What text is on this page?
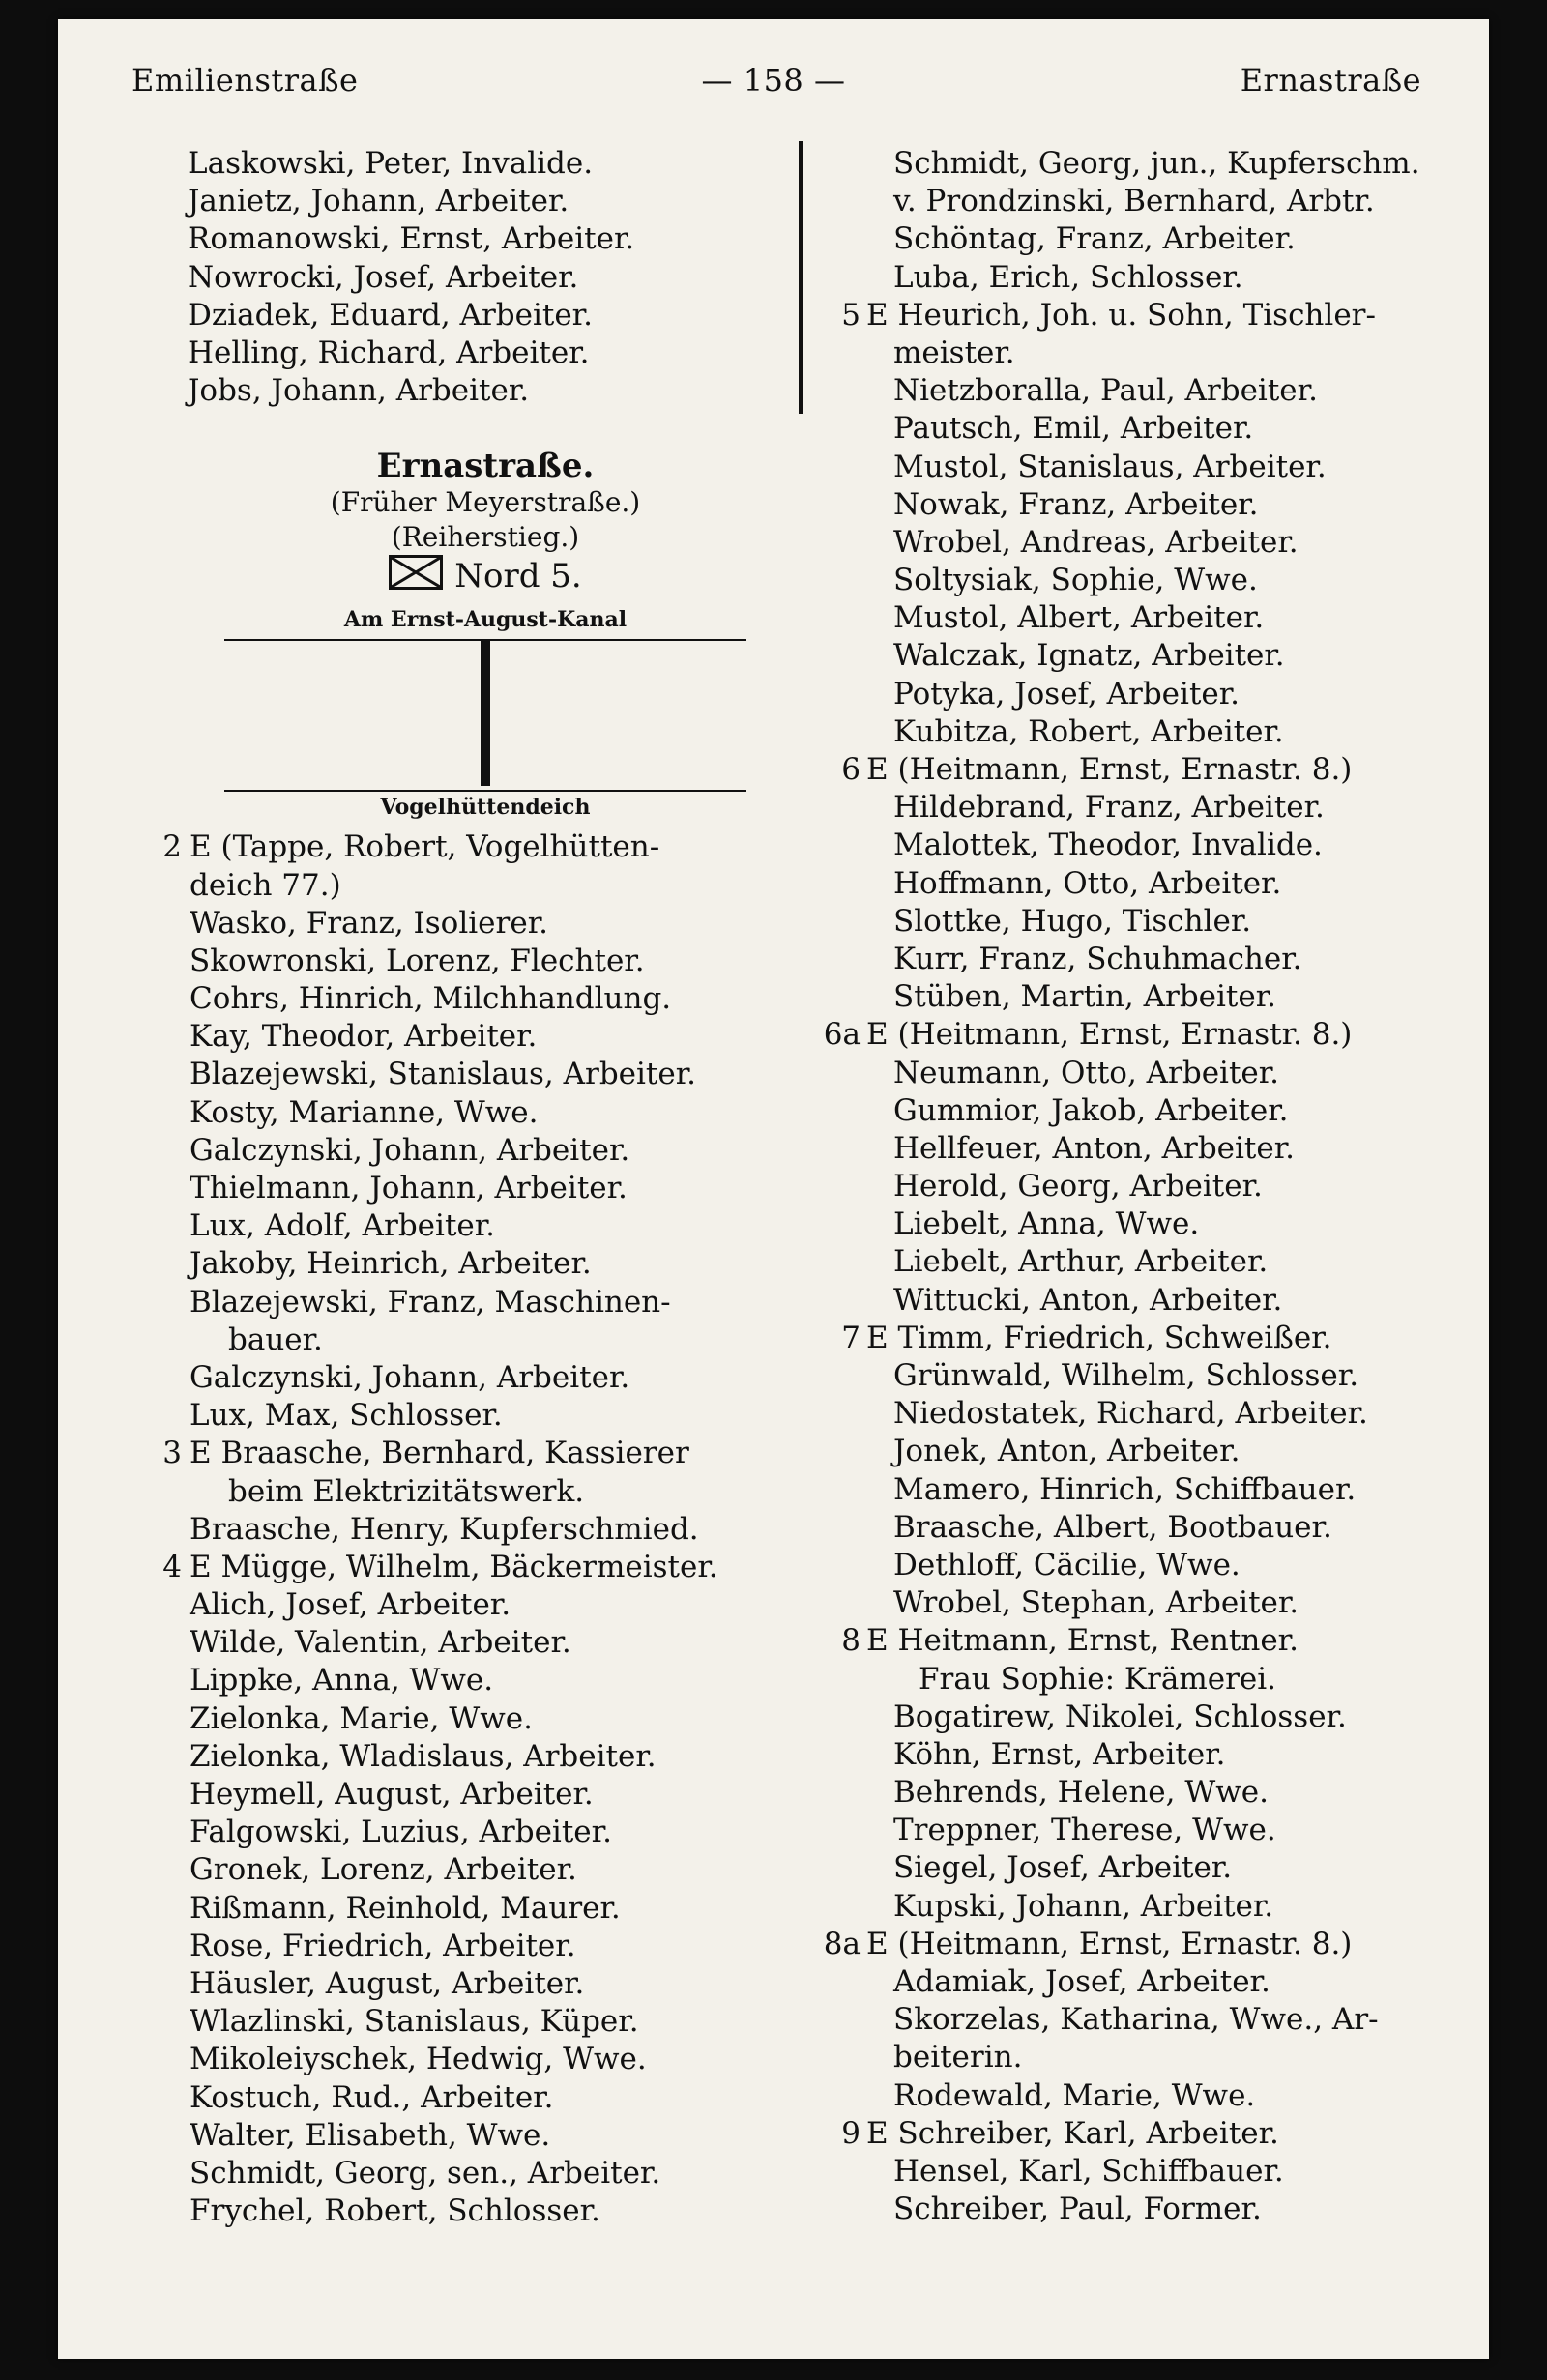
Emilienstraße	— 158 —	Ernastraße
Laskowski, Peter, Invalide.
Janietz, Johann, Arbeiter.
Romanowski, Ernst, Arbeiter.
Nowrocki, Josef, Arbeiter.
Dziadek, Eduard, Arbeiter.
Helling, Richard, Arbeiter.
Jobs, Johann, Arbeiter.
Ernastraße.
(Früher Meyerstraße.)
(Reiherstieg.)
Nord 5.
Am Ernst-August-Kanal
Vogelhüttendeich
2 E (Tappe, Robert, Vogelhütten-
deich 77.)
Wasko, Franz, Isolierer.
Skowronski, Lorenz, Flechter.
Cohrs, Hinrich, Milchhandlung.
Kay, Theodor, Arbeiter.
Blazejewski, Stanislaus, Arbeiter.
Kosty, Marianne, Wwe.
Galczynski, Johann, Arbeiter.
Thielmann, Johann, Arbeiter.
Lux, Adolf, Arbeiter.
Jakoby, Heinrich, Arbeiter.
Blazejewski, Franz, Maschinen-
bauer.
Galczynski, Johann, Arbeiter.
Lux, Max, Schlosser.
3 E Braasche, Bernhard, Kassierer
beim Elektrizitätswerk.
Braasche, Henry, Kupferschmied.
4 E Mügge, Wilhelm, Bäckermeister.
Alich, Josef, Arbeiter.
Wilde, Valentin, Arbeiter.
Lippke, Anna, Wwe.
Zielonka, Marie, Wwe.
Zielonka, Wladislaus, Arbeiter.
Heymell, August, Arbeiter.
Falgowski, Luzius, Arbeiter.
Gronek, Lorenz, Arbeiter.
Rißmann, Reinhold, Maurer.
Rose, Friedrich, Arbeiter.
Häusler, August, Arbeiter.
Wlazlinski, Stanislaus, Küper.
Mikoleiyschek, Hedwig, Wwe.
Kostuch, Rud., Arbeiter.
Walter, Elisabeth, Wwe.
Schmidt, Georg, sen., Arbeiter.
Frychel, Robert, Schlosser.
Schmidt, Georg, jun., Kupferschm.
v. Prondzinski, Bernhard, Arbtr.
Schöntag, Franz, Arbeiter.
Luba, Erich, Schlosser.
5 E Heurich, Joh. u. Sohn, Tischler-
meister.
Nietzboralla, Paul, Arbeiter.
Pautsch, Emil, Arbeiter.
Mustol, Stanislaus, Arbeiter.
Nowak, Franz, Arbeiter.
Wrobel, Andreas, Arbeiter.
Soltysiak, Sophie, Wwe.
Mustol, Albert, Arbeiter.
Walczak, Ignatz, Arbeiter.
Potyka, Josef, Arbeiter.
Kubitza, Robert, Arbeiter.
6 E (Heitmann, Ernst, Ernastr. 8.)
Hildebrand, Franz, Arbeiter.
Malottek, Theodor, Invalide.
Hoffmann, Otto, Arbeiter.
Slottke, Hugo, Tischler.
Kurr, Franz, Schuhmacher.
Stüben, Martin, Arbeiter.
6a E (Heitmann, Ernst, Ernastr. 8.)
Neumann, Otto, Arbeiter.
Gummior, Jakob, Arbeiter.
Hellfeuer, Anton, Arbeiter.
Herold, Georg, Arbeiter.
Liebelt, Anna, Wwe.
Liebelt, Arthur, Arbeiter.
Wittucki, Anton, Arbeiter.
7 E Timm, Friedrich, Schweißer.
Grünwald, Wilhelm, Schlosser.
Niedostatek, Richard, Arbeiter.
Jonek, Anton, Arbeiter.
Mamero, Hinrich, Schiffbauer.
Braasche, Albert, Bootbauer.
Dethloff, Cäcilie, Wwe.
Wrobel, Stephan, Arbeiter.
8 E Heitmann, Ernst, Rentner.
Frau Sophie: Krämerei.
Bogatirew, Nikolei, Schlosser.
Köhn, Ernst, Arbeiter.
Behrends, Helene, Wwe.
Treppner, Therese, Wwe.
Siegel, Josef, Arbeiter.
Kupski, Johann, Arbeiter.
8a E (Heitmann, Ernst, Ernastr. 8.)
Adamiak, Josef, Arbeiter.
Skorzelas, Katharina, Wwe., Ar-
beiterin.
Rodewald, Marie, Wwe.
9 E Schreiber, Karl, Arbeiter.
Hensel, Karl, Schiffbauer.
Schreiber, Paul, Former.
